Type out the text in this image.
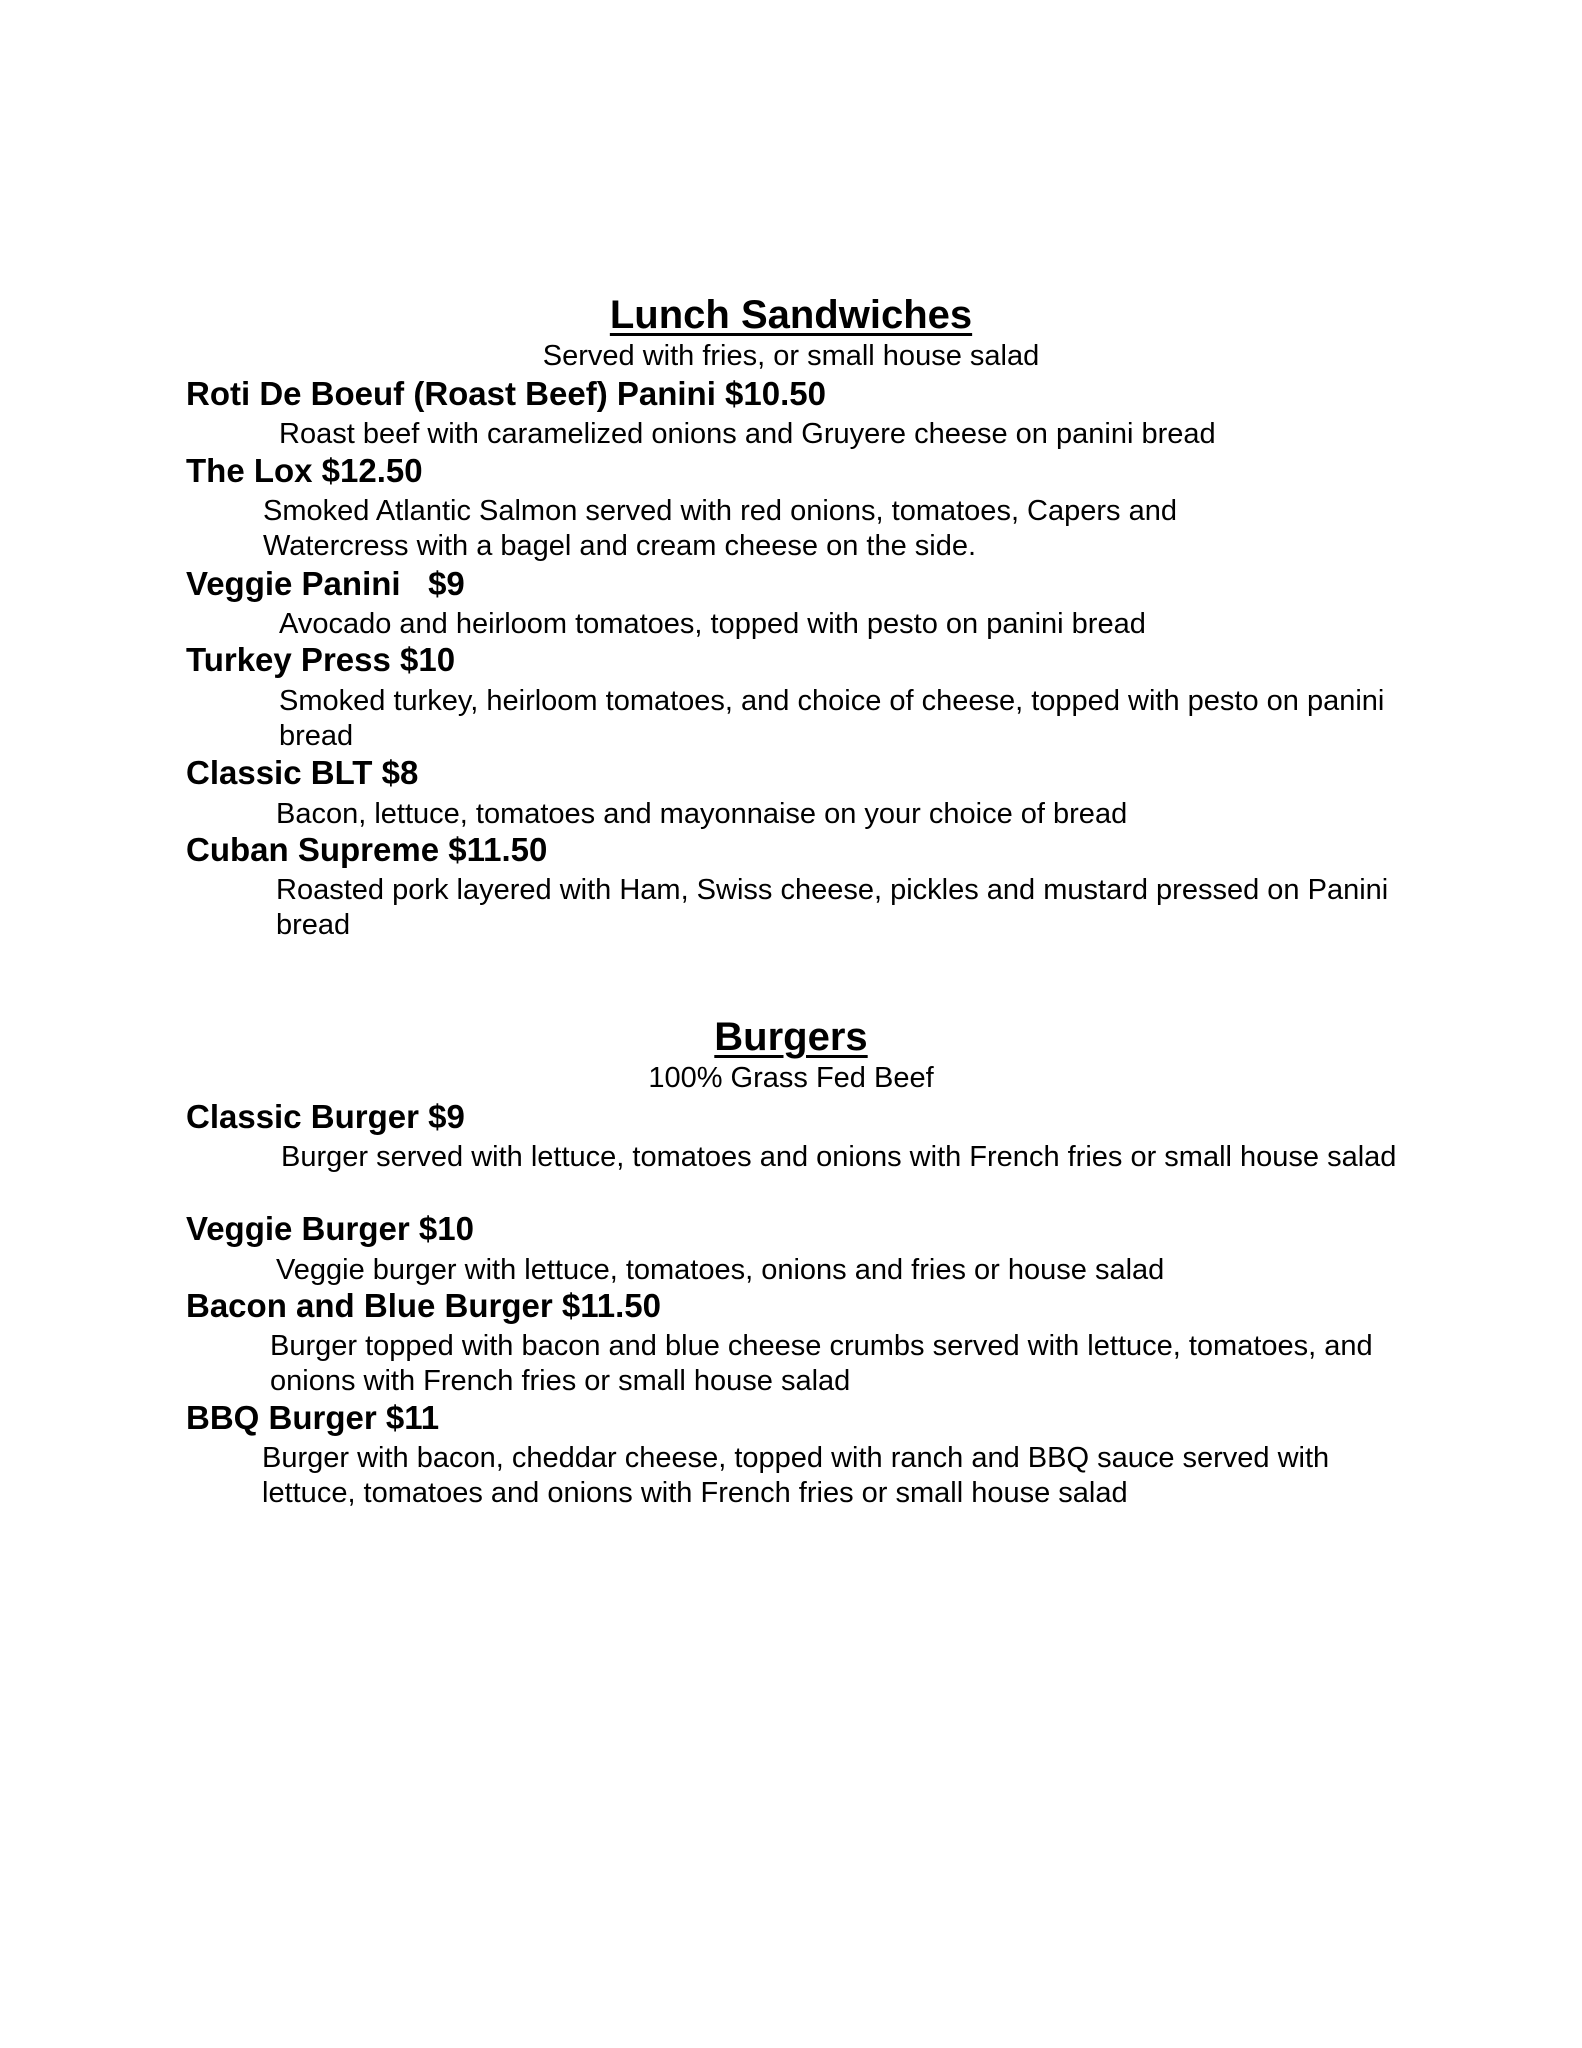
Lunch Sandwiches

Served with fries, or small house salad

Roti De Boeuf (Roast Beef) Panini $10.50

Roast beef with caramelized onions and Gruyere cheese on panini bread

The Lox $12.50

Smoked Atlantic Salmon served with red onions, tomatoes, Capers and Watercress with a bagel and cream cheese on the side.

Veggie Panini   $9

Avocado and heirloom tomatoes, topped with pesto on panini bread

Turkey Press $10

Smoked turkey, heirloom tomatoes, and choice of cheese, topped with pesto on panini bread

Classic BLT $8

Bacon, lettuce, tomatoes and mayonnaise on your choice of bread

Cuban Supreme $11.50

Roasted pork layered with Ham, Swiss cheese, pickles and mustard pressed on Panini bread

Burgers

100% Grass Fed Beef

Classic Burger $9

Burger served with lettuce, tomatoes and onions with French fries or small house salad

Veggie Burger $10

Veggie burger with lettuce, tomatoes, onions and fries or house salad

Bacon and Blue Burger $11.50

Burger topped with bacon and blue cheese crumbs served with lettuce, tomatoes, and onions with French fries or small house salad

BBQ Burger $11

Burger with bacon, cheddar cheese, topped with ranch and BBQ sauce served with lettuce, tomatoes and onions with French fries or small house salad
